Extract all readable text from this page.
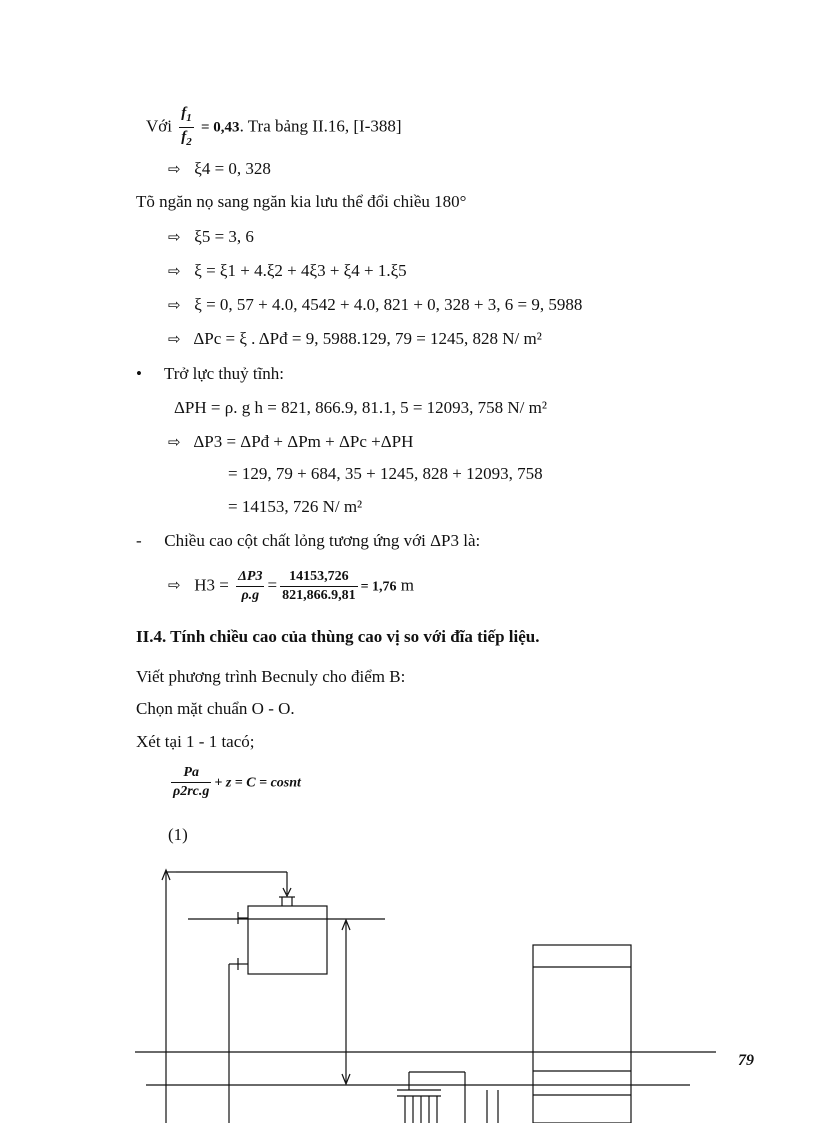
Với $\frac{f_1}{f_2} = 0,43$. Tra bảng II.16, [I-388]
⇨ ξ4 = 0, 328
Tõ ngăn nọ sang ngăn kia lưu thể đổi chiều 180°
⇨ ξ5 = 3, 6
⇨ ξ = ξ1 + 4.ξ2 + 4ξ3 + ξ4 + 1.ξ5
⇨ ξ = 0, 57 + 4.0, 4542 + 4.0, 821 + 0, 328 + 3, 6 = 9, 5988
⇨ ΔPc = ξ . ΔPđ = 9, 5988.129, 79 = 1245, 828 N/ m²
• Trở lực thuỷ tĩnh:
ΔPH = ρ. g h = 821, 866.9, 81.1, 5 = 12093, 758 N/ m²
⇨ ΔP3 = ΔPđ + ΔPm + ΔPc +ΔPH
= 129, 79 + 684, 35 + 1245, 828 + 12093, 758
= 14153, 726 N/ m²
- Chiều cao cột chất lỏng tương ứng với ΔP3 là:
⇨ $H3 = \frac{\Delta P3}{\rho.g} = \frac{14153,726}{821,866.9,81} = 1,76$ m
II.4. Tính chiều cao của thùng cao vị so với đĩa tiếp liệu.
Viết phương trình Becnuly cho điểm B:
Chọn mặt chuẩn O - O.
Xét tại 1 - 1 tacó;
$\frac{Pa}{\rho 2rc.g} + z = C$ = cosnt
(1)
79
